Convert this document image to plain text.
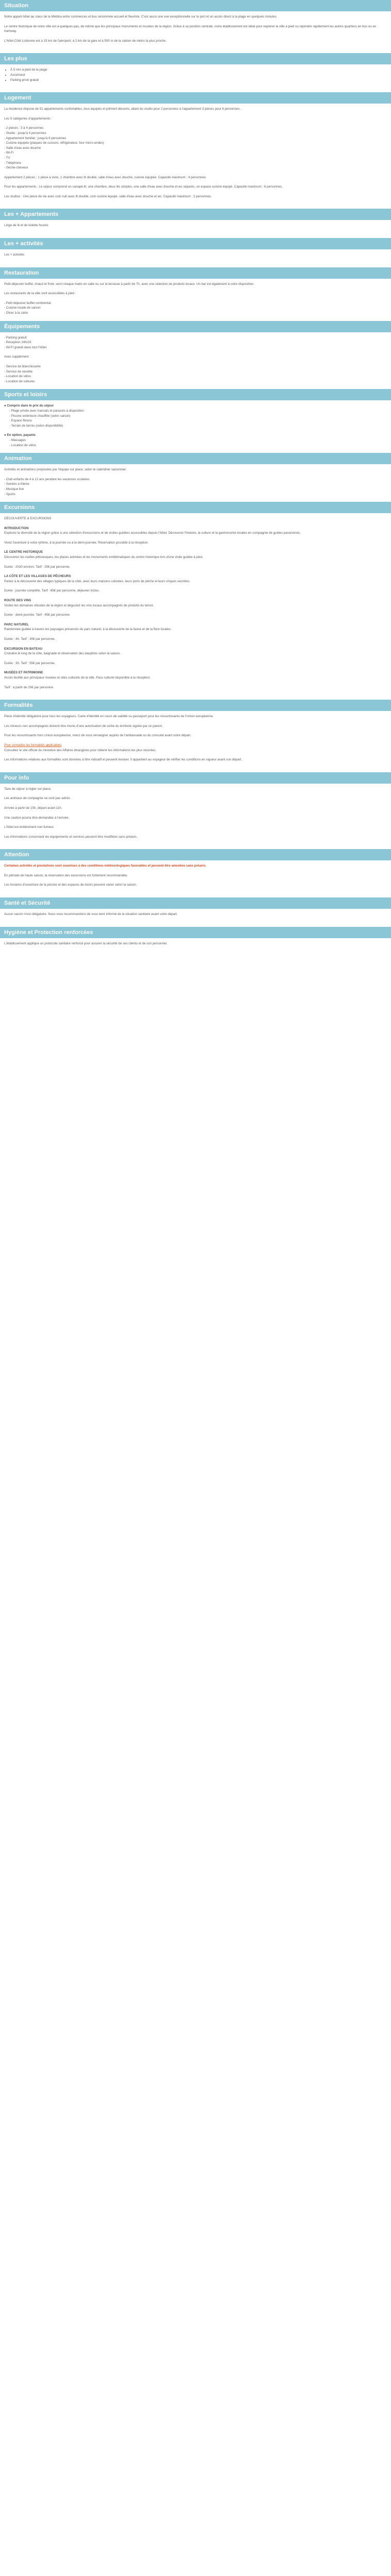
Situation

Notre appart-hôtel au cœur de la Médina entre commerces et bus renommée accueil et fleuriste. C'est aussi une vue exceptionnelle sur le port et un accès direct à la plage en quelques minutes.

Le centre historique de notre ville est à quelques pas, de même que les principaux monuments et musées de la région. Grâce à sa position centrale, notre établissement est idéal pour explorer la ville à pied ou rejoindre rapidement les autres quartiers en bus ou en tramway.

L'hôtel Côté Lisbonne est à 15 km de l'aéroport, à 2 km de la gare et à 500 m de la station de métro la plus proche.

Les plus
• À 5 min à pied de la plage
• Ascenseur
• Parking privé gratuit
Logement

La résidence dispose de 51 appartements confortables, tous équipés et joliment décorés, allant du studio pour 2 personnes à l'appartement 3 pièces pour 6 personnes.

Les 5 catégories d'appartements :

- 2 pièces : 3 à 4 personnes
- Studio : jusqu'à 4 personnes
- Appartement familial : jusqu'à 6 personnes
- Cuisine équipée (plaques de cuisson, réfrigérateur, four micro-ondes)
- Salle d'eau avec douche
- Wi-Fi
- TV
- Téléphone
- Sèche-cheveux

Appartement 2 pièces : 1 pièce à vivre, 1 chambre avec lit double, salle d'eau avec douche, cuisine équipée. Capacité maximum : 4 personnes.

Pour les appartements : Le séjour comprend un canapé-lit, une chambre, deux lits simples, une salle d'eau avec douche et wc séparés, un espace cuisine équipé. Capacité maximum : 6 personnes.

Les studios : Une pièce de vie avec coin nuit avec lit double, coin cuisine équipé, salle d'eau avec douche et wc. Capacité maximum : 2 personnes.

Les + Appartements

Linge de lit et de toilette fournis

Les + activités

Les + activités

Restauration

Petit-déjeuner buffet, chaud et froid, servi chaque matin en salle ou sur la terrasse à partir de 7h, avec une sélection de produits locaux. Un bar est également à votre disposition.

Les restaurants de la ville sont accessibles à pied :

- Petit déjeuner buffet continental
- Cuisine locale de saison
- Dîner à la carte
Équipements
- Parking gratuit
- Réception 24h/24
- Wi-Fi gratuit dans tout l'hôtel

Avec supplément :

- Service de blanchisserie
- Service de navette
- Location de vélos
- Location de voitures
Sports et loisirs
● Compris dans le prix du séjour
- Plage privée avec transats et parasols à disposition
- Piscine extérieure chauffée (selon saison)
- Espace fitness
- Terrain de tennis (selon disponibilité)
● En option, payants
- Massages
- Location de vélos
Animation

Activités et animations proposées par l'équipe sur place, selon le calendrier saisonnier.

- Club enfants de 4 à 12 ans pendant les vacances scolaires
- Soirées à thème
- Musique live
- Sports
Excursions

DÉCOUVERTE & EXCURSIONS

INTRODUCTION

Explorez la diversité de la région grâce à une sélection d'excursions et de visites guidées accessibles depuis l'hôtel. Découvrez l'histoire, la culture et la gastronomie locales en compagnie de guides passionnés.

Vivez l'aventure à votre rythme, à la journée ou à la demi-journée. Réservation possible à la réception.

LE CENTRE HISTORIQUE

Découvrez les ruelles pittoresques, les places animées et les monuments emblématiques du centre historique lors d'une visite guidée à pied.

Durée : 2h30 environ. Tarif : 25€ par personne.

LA CÔTE ET LES VILLAGES DE PÊCHEURS

Partez à la découverte des villages typiques de la côte, avec leurs maisons colorées, leurs ports de pêche et leurs criques secrètes.

Durée : journée complète. Tarif : 65€ par personne, déjeuner inclus.

ROUTE DES VINS

Visitez les domaines viticoles de la région et dégustez les vins locaux accompagnés de produits du terroir.

Durée : demi-journée. Tarif : 45€ par personne.

PARC NATUREL

Randonnée guidée à travers les paysages préservés du parc naturel, à la découverte de la faune et de la flore locales.

Durée : 4h. Tarif : 30€ par personne.

EXCURSION EN BATEAU

Croisière le long de la côte, baignade et observation des dauphins selon la saison.

Durée : 3h. Tarif : 55€ par personne.

MUSÉES ET PATRIMOINE

Accès facilité aux principaux musées et sites culturels de la ville. Pass culturel disponible à la réception.

Tarif : à partir de 20€ par personne.

Formalités

Pièce d'identité obligatoire pour tous les voyageurs. Carte d'identité en cours de validité ou passeport pour les ressortissants de l'Union européenne.

Les mineurs non accompagnés doivent être munis d'une autorisation de sortie du territoire signée par un parent.

Pour les ressortissants hors Union européenne, merci de vous renseigner auprès de l'ambassade ou du consulat avant votre départ.

Pour connaître les formalités applicables

Consultez le site officiel du ministère des Affaires étrangères pour obtenir les informations les plus récentes.

Les informations relatives aux formalités sont données à titre indicatif et peuvent évoluer. Il appartient au voyageur de vérifier les conditions en vigueur avant son départ.

Pour info

Taxe de séjour à régler sur place.

Les animaux de compagnie ne sont pas admis.

Arrivée à partir de 15h, départ avant 11h.

Une caution pourra être demandée à l'arrivée.

L'hôtel est entièrement non-fumeur.

Les informations concernant les équipements et services peuvent être modifiées sans préavis.

Attention

Certaines activités et prestations sont soumises à des conditions météorologiques favorables et peuvent être annulées sans préavis.

En période de haute saison, la réservation des excursions est fortement recommandée.

Les horaires d'ouverture de la piscine et des espaces de loisirs peuvent varier selon la saison.

Santé et Sécurité

Aucun vaccin n'est obligatoire. Nous vous recommandons de vous tenir informé de la situation sanitaire avant votre départ.

Hygiène et Protection renforcées

L'établissement applique un protocole sanitaire renforcé pour assurer la sécurité de ses clients et de son personnel.
